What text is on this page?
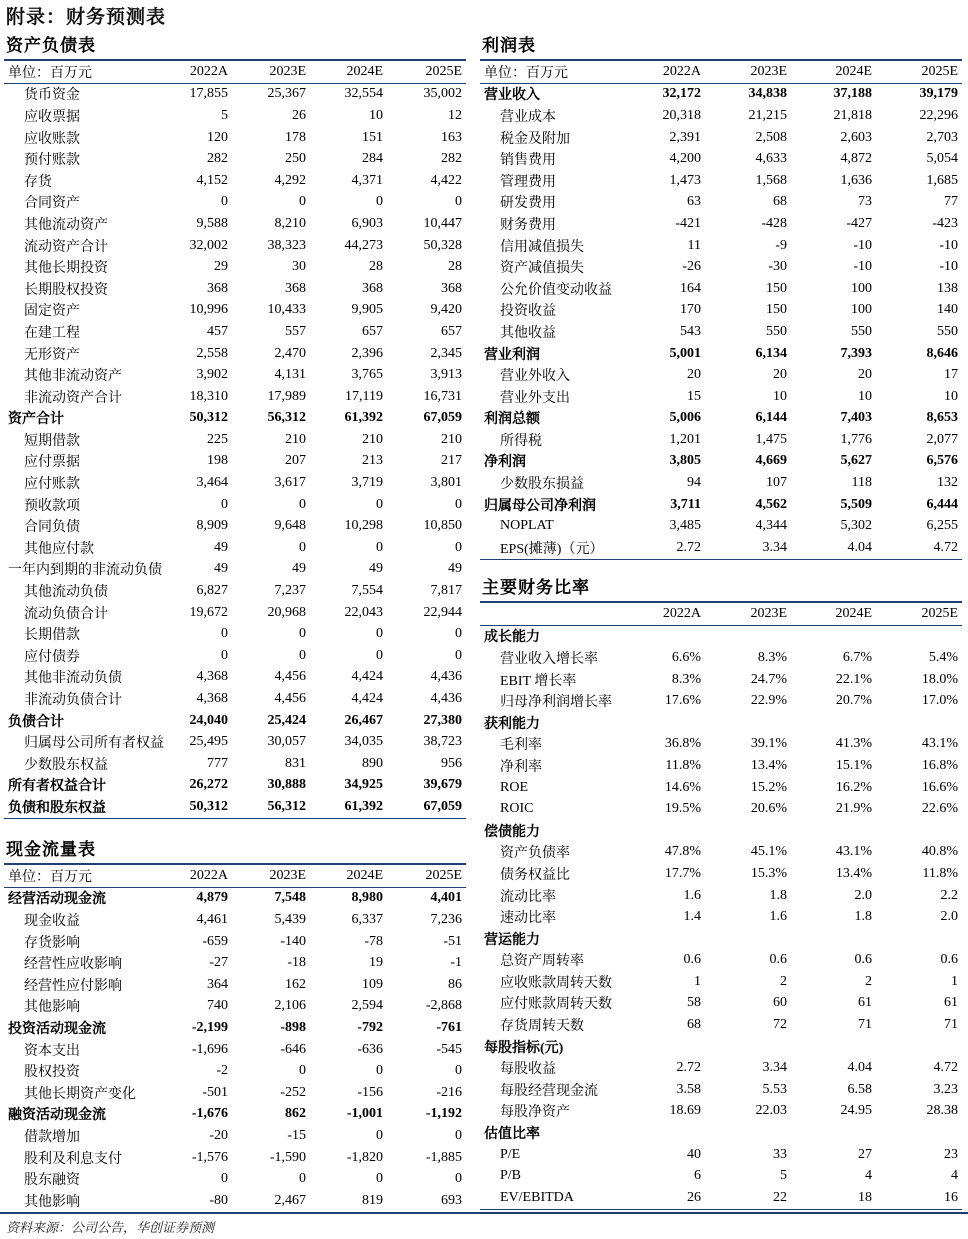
附录：财务预测表
资产负债表
单位：百万元	2022A	2023E	2024E	2025E
货币资金	17,855	25,367	32,554	35,002
应收票据	5	26	10	12
应收账款	120	178	151	163
预付账款	282	250	284	282
存货	4,152	4,292	4,371	4,422
合同资产	0	0	0	0
其他流动资产	9,588	8,210	6,903	10,447
流动资产合计	32,002	38,323	44,273	50,328
其他长期投资	29	30	28	28
长期股权投资	368	368	368	368
固定资产	10,996	10,433	9,905	9,420
在建工程	457	557	657	657
无形资产	2,558	2,470	2,396	2,345
其他非流动资产	3,902	4,131	3,765	3,913
非流动资产合计	18,310	17,989	17,119	16,731
资产合计	50,312	56,312	61,392	67,059
短期借款	225	210	210	210
应付票据	198	207	213	217
应付账款	3,464	3,617	3,719	3,801
预收款项	0	0	0	0
合同负债	8,909	9,648	10,298	10,850
其他应付款	49	0	0	0
一年内到期的非流动负债	49	49	49	49
其他流动负债	6,827	7,237	7,554	7,817
流动负债合计	19,672	20,968	22,043	22,944
长期借款	0	0	0	0
应付债券	0	0	0	0
其他非流动负债	4,368	4,456	4,424	4,436
非流动负债合计	4,368	4,456	4,424	4,436
负债合计	24,040	25,424	26,467	27,380
归属母公司所有者权益	25,495	30,057	34,035	38,723
少数股东权益	777	831	890	956
所有者权益合计	26,272	30,888	34,925	39,679
负债和股东权益	50,312	56,312	61,392	67,059
现金流量表
单位：百万元	2022A	2023E	2024E	2025E
经营活动现金流	4,879	7,548	8,980	4,401
现金收益	4,461	5,439	6,337	7,236
存货影响	-659	-140	-78	-51
经营性应收影响	-27	-18	19	-1
经营性应付影响	364	162	109	86
其他影响	740	2,106	2,594	-2,868
投资活动现金流	-2,199	-898	-792	-761
资本支出	-1,696	-646	-636	-545
股权投资	-2	0	0	0
其他长期资产变化	-501	-252	-156	-216
融资活动现金流	-1,676	862	-1,001	-1,192
借款增加	-20	-15	0	0
股利及利息支付	-1,576	-1,590	-1,820	-1,885
股东融资	0	0	0	0
其他影响	-80	2,467	819	693
利润表
单位：百万元	2022A	2023E	2024E	2025E
营业收入	32,172	34,838	37,188	39,179
营业成本	20,318	21,215	21,818	22,296
税金及附加	2,391	2,508	2,603	2,703
销售费用	4,200	4,633	4,872	5,054
管理费用	1,473	1,568	1,636	1,685
研发费用	63	68	73	77
财务费用	-421	-428	-427	-423
信用减值损失	11	-9	-10	-10
资产减值损失	-26	-30	-10	-10
公允价值变动收益	164	150	100	138
投资收益	170	150	100	140
其他收益	543	550	550	550
营业利润	5,001	6,134	7,393	8,646
营业外收入	20	20	20	17
营业外支出	15	10	10	10
利润总额	5,006	6,144	7,403	8,653
所得税	1,201	1,475	1,776	2,077
净利润	3,805	4,669	5,627	6,576
少数股东损益	94	107	118	132
归属母公司净利润	3,711	4,562	5,509	6,444
NOPLAT	3,485	4,344	5,302	6,255
EPS(摊薄)（元）	2.72	3.34	4.04	4.72
主要财务比率
	2022A	2023E	2024E	2025E
成长能力				
营业收入增长率	6.6%	8.3%	6.7%	5.4%
EBIT 增长率	8.3%	24.7%	22.1%	18.0%
归母净利润增长率	17.6%	22.9%	20.7%	17.0%
获利能力				
毛利率	36.8%	39.1%	41.3%	43.1%
净利率	11.8%	13.4%	15.1%	16.8%
ROE	14.6%	15.2%	16.2%	16.6%
ROIC	19.5%	20.6%	21.9%	22.6%
偿债能力				
资产负债率	47.8%	45.1%	43.1%	40.8%
债务权益比	17.7%	15.3%	13.4%	11.8%
流动比率	1.6	1.8	2.0	2.2
速动比率	1.4	1.6	1.8	2.0
营运能力				
总资产周转率	0.6	0.6	0.6	0.6
应收账款周转天数	1	2	2	1
应付账款周转天数	58	60	61	61
存货周转天数	68	72	71	71
每股指标(元)				
每股收益	2.72	3.34	4.04	4.72
每股经营现金流	3.58	5.53	6.58	3.23
每股净资产	18.69	22.03	24.95	28.38
估值比率				
P/E	40	33	27	23
P/B	6	5	4	4
EV/EBITDA	26	22	18	16
资料来源：公司公告，华创证券预测
